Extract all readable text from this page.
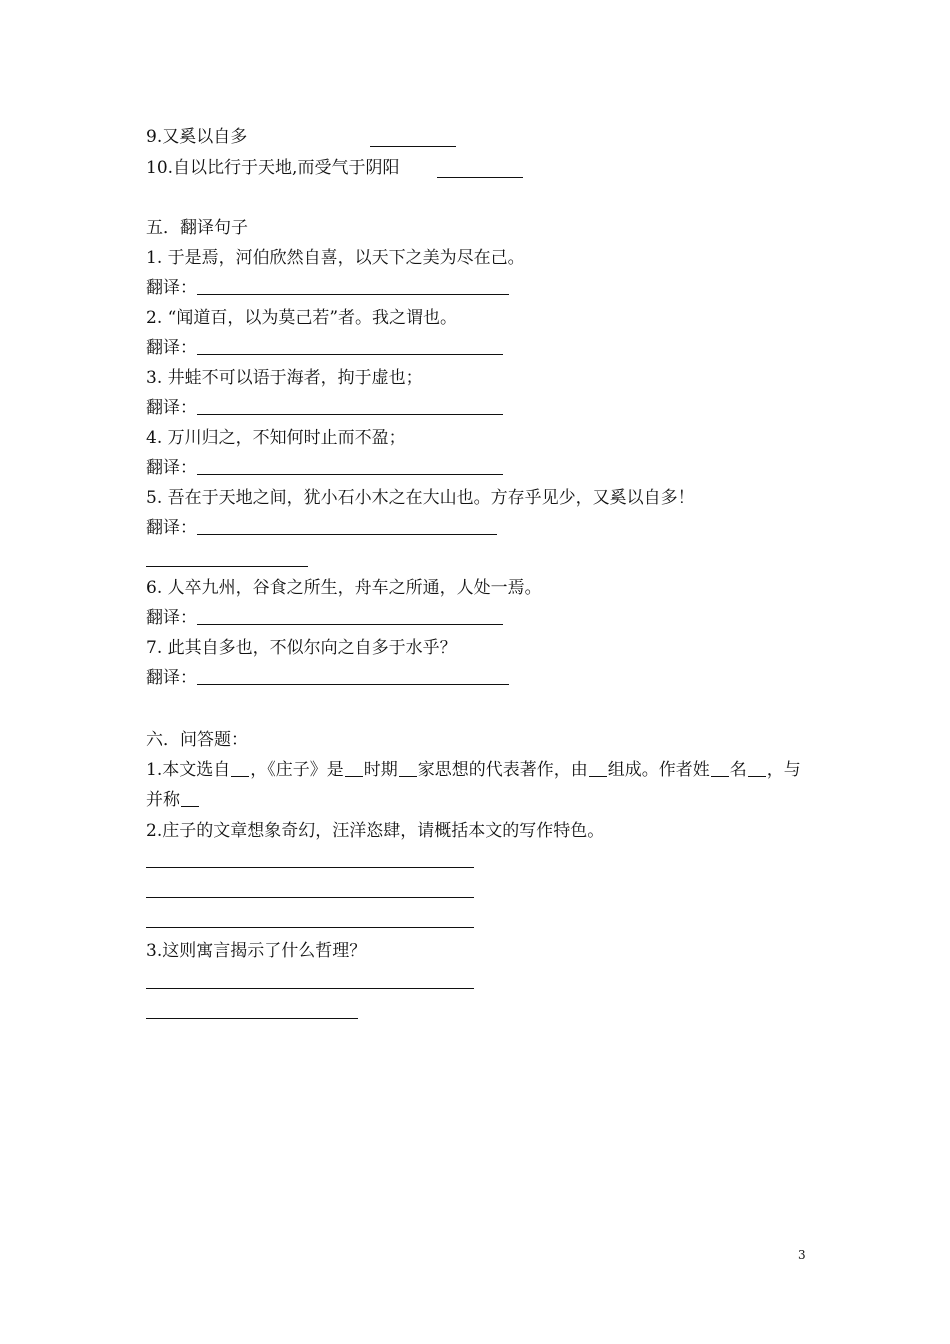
9.又奚以自多
10.自以比行于天地,而受气于阴阳
五．翻译句子
1. 于是焉，河伯欣然自喜，以天下之美为尽在己。
翻译：
2. “闻道百，以为莫己若”者。我之谓也。
翻译：
3. 井蛙不可以语于海者，拘于虚也；
翻译：
4. 万川归之，不知何时止而不盈；
翻译：
5. 吾在于天地之间，犹小石小木之在大山也。方存乎见少，又奚以自多！
翻译：
6. 人卒九州，谷食之所生，舟车之所通，人处一焉。
翻译：
7. 此其自多也，不似尔向之自多于水乎？
翻译：
六．问答题：
1.本文选自 ，《庄子》是 时期 家思想的代表著作，由 组成。作者姓 名 ，与
并称
2.庄子的文章想象奇幻，汪洋恣肆，请概括本文的写作特色。
3.这则寓言揭示了什么哲理？
3
